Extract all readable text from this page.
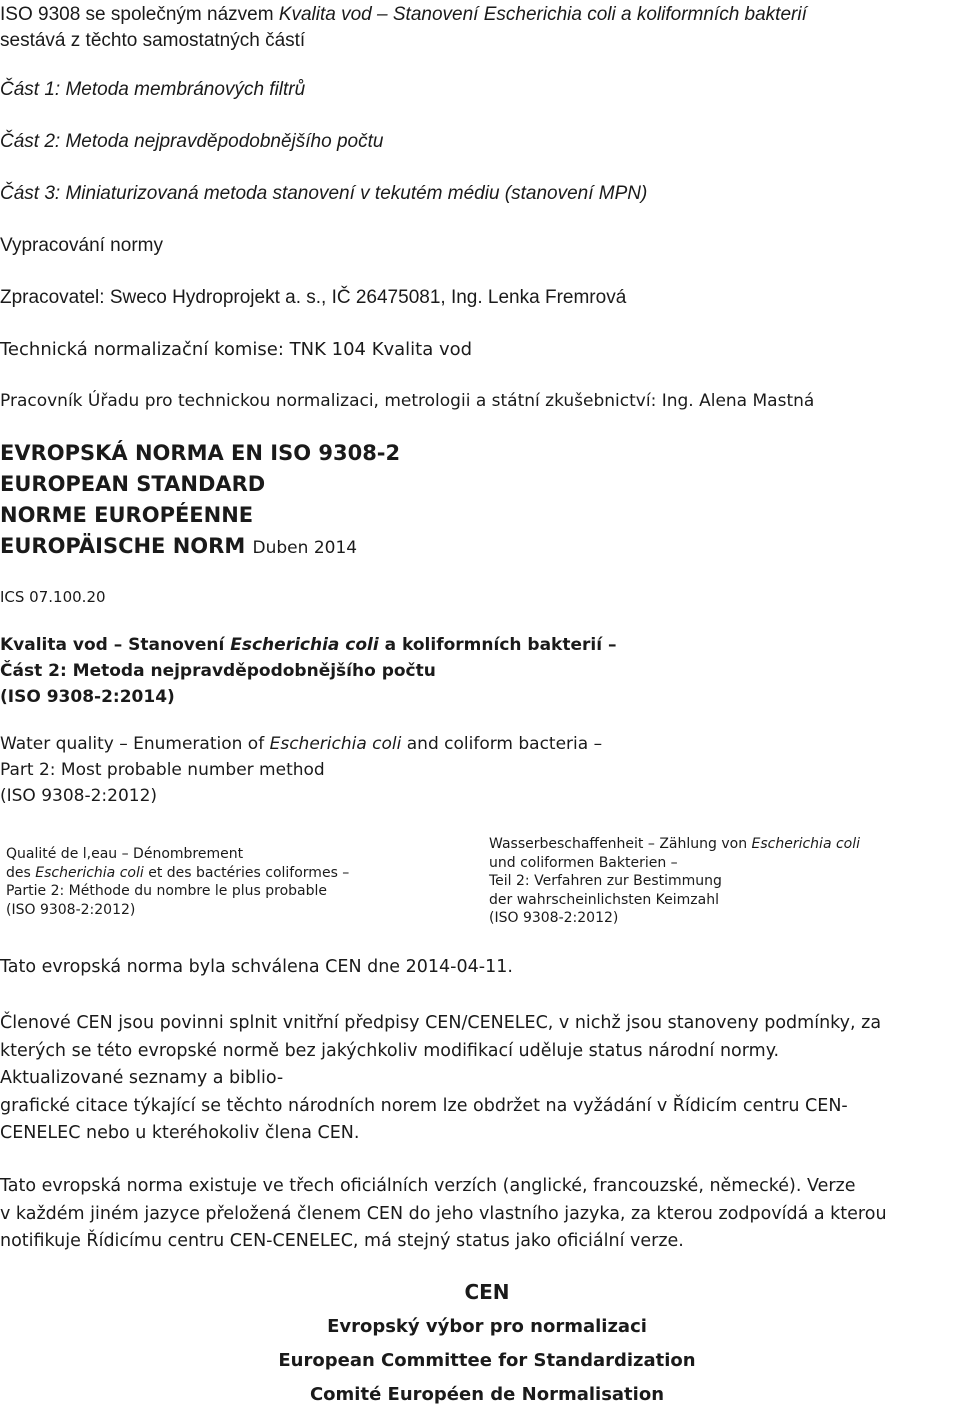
ISO 9308 se společným názvem Kvalita vod – Stanovení Escherichia coli a koliformních bakterií
sestává z těchto samostatných částí
Část 1: Metoda membránových filtrů
Část 2: Metoda nejpravděpodobnějšího počtu
Část 3: Miniaturizovaná metoda stanovení v tekutém médiu (stanovení MPN)
Vypracování normy
Zpracovatel: Sweco Hydroprojekt a. s., IČ 26475081, Ing. Lenka Fremrová
Technická normalizační komise: TNK 104 Kvalita vod
Pracovník Úřadu pro technickou normalizaci, metrologii a státní zkušebnictví: Ing. Alena Mastná
EVROPSKÁ NORMA EN ISO 9308-2
EUROPEAN STANDARD
NORME EUROPÉENNE
EUROPÄISCHE NORM Duben 2014
ICS 07.100.20
Kvalita vod – Stanovení Escherichia coli a koliformních bakterií –
Část 2: Metoda nejpravděpodobnějšího počtu
(ISO 9308-2:2014)
Water quality – Enumeration of Escherichia coli and coliform bacteria –
Part 2: Most probable number method
(ISO 9308-2:2012)
Qualité de l,eau – Dénombrement
des Escherichia coli et des bactéries coliformes –
Partie 2: Méthode du nombre le plus probable
(ISO 9308-2:2012)
Wasserbeschaffenheit – Zählung von Escherichia coli
und coliformen Bakterien –
Teil 2: Verfahren zur Bestimmung
der wahrscheinlichsten Keimzahl
(ISO 9308-2:2012)
Tato evropská norma byla schválena CEN dne 2014-04-11.
Členové CEN jsou povinni splnit vnitřní předpisy CEN/CENELEC, v nichž jsou stanoveny podmínky, za
kterých se této evropské normě bez jakýchkoliv modifikací uděluje status národní normy.
Aktualizované seznamy a biblio-
grafické citace týkající se těchto národních norem lze obdržet na vyžádání v Řídicím centru CEN-
CENELEC nebo u kteréhokoliv člena CEN.
Tato evropská norma existuje ve třech oficiálních verzích (anglické, francouzské, německé). Verze
v každém jiném jazyce přeložená členem CEN do jeho vlastního jazyka, za kterou zodpovídá a kterou
notifikuje Řídicímu centru CEN-CENELEC, má stejný status jako oficiální verze.
CEN
Evropský výbor pro normalizaci
European Committee for Standardization
Comité Européen de Normalisation
